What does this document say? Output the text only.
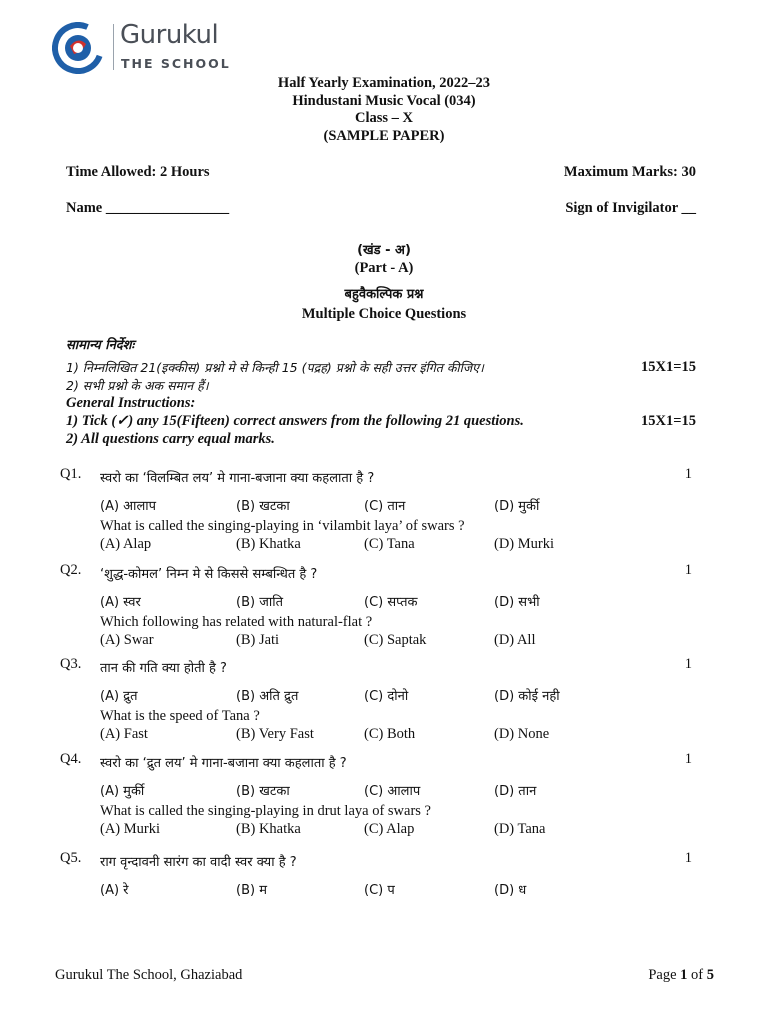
Gurukul
THE SCHOOL
Half Yearly Examination, 2022–23
Hindustani Music Vocal (034)
Class – X
(SAMPLE PAPER)
Time Allowed: 2 Hours	Maximum Marks: 30
Name _________________	Sign of Invigilator __
(खंड - अ)
(Part - A)
बहुवैकल्पिक प्रश्न
Multiple Choice Questions
सामान्य निर्देशः
1) निम्नलिखित 21(इक्कीस) प्रश्नो मे से किन्ही 15 (पद्रह) प्रश्नो के सही उत्तर इंगित कीजिए।	15X1=15
2) सभी प्रश्नो के अक समान हैं।
General Instructions:
1) Tick (✓) any 15(Fifteen) correct answers from the following 21 questions.	15X1=15
2) All questions carry equal marks.
Q1. स्वरो का ‘विलम्बित लय’ मे गाना-बजाना क्या कहलाता है ?	1
(A) आलाप	(B) खटका	(C) तान	(D) मुर्की
What is called the singing-playing in ‘vilambit laya’ of swars ?
(A) Alap	(B) Khatka	(C) Tana	(D) Murki
Q2. ‘शुद्ध-कोमल’ निम्न मे से किससे सम्बन्धित है ?	1
(A) स्वर	(B) जाति	(C) सप्तक	(D) सभी
Which following has related with natural-flat ?
(A) Swar	(B) Jati	(C) Saptak	(D) All
Q3. तान की गति क्या होती है ?	1
(A) द्रुत	(B) अति द्रुत	(C) दोनो	(D) कोई नही
What is the speed of Tana ?
(A) Fast	(B) Very Fast	(C) Both	(D) None
Q4. स्वरो का ‘द्रुत लय’ मे गाना-बजाना क्या कहलाता है ?	1
(A) मुर्की	(B) खटका	(C) आलाप	(D) तान
What is called the singing-playing in drut laya of swars ?
(A) Murki	(B) Khatka	(C) Alap	(D) Tana
Q5. राग वृन्दावनी सारंग का वादी स्वर क्या है ?	1
(A) रे	(B) म	(C) प	(D) ध
Gurukul The School, Ghaziabad	Page 1 of 5
